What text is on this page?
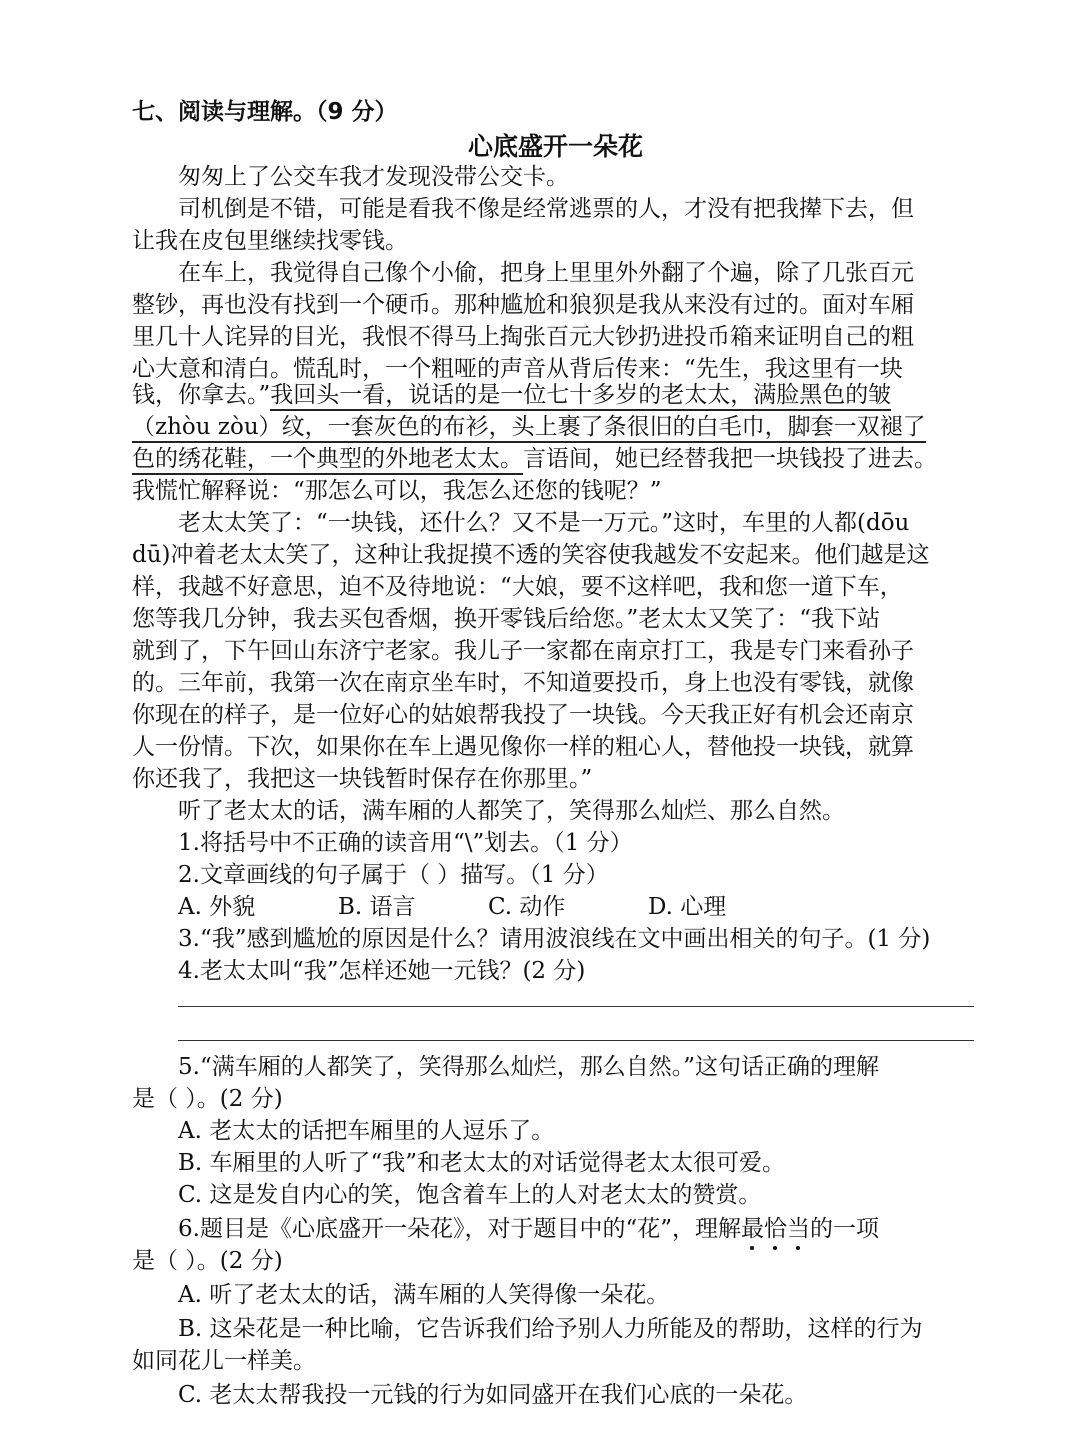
七、阅读与理解。（9 分）
心底盛开一朵花
匆匆上了公交车我才发现没带公交卡。
司机倒是不错，可能是看我不像是经常逃票的人，才没有把我撵下去，但
让我在皮包里继续找零钱。
在车上，我觉得自己像个小偷，把身上里里外外翻了个遍，除了几张百元
整钞，再也没有找到一个硬币。那种尴尬和狼狈是我从来没有过的。面对车厢
里几十人诧异的目光，我恨不得马上掏张百元大钞扔进投币箱来证明自己的粗
心大意和清白。慌乱时，一个粗哑的声音从背后传来：“先生，我这里有一块
钱，你拿去。”我回头一看，说话的是一位七十多岁的老太太，满脸黑色的皱
（zhòu zòu）纹，一套灰色的布衫，头上裹了条很旧的白毛巾，脚套一双褪了
色的绣花鞋，一个典型的外地老太太。言语间，她已经替我把一块钱投了进去。
我慌忙解释说：“那怎么可以，我怎么还您的钱呢？”
老太太笑了：“一块钱，还什么？又不是一万元。”这时，车里的人都(dōu
dū)冲着老太太笑了，这种让我捉摸不透的笑容使我越发不安起来。他们越是这
样，我越不好意思，迫不及待地说：“大娘，要不这样吧，我和您一道下车，
您等我几分钟，我去买包香烟，换开零钱后给您。”老太太又笑了：“我下站
就到了，下午回山东济宁老家。我儿子一家都在南京打工，我是专门来看孙子
的。三年前，我第一次在南京坐车时，不知道要投币，身上也没有零钱，就像
你现在的样子，是一位好心的姑娘帮我投了一块钱。今天我正好有机会还南京
人一份情。下次，如果你在车上遇见像你一样的粗心人，替他投一块钱，就算
你还我了，我把这一块钱暂时保存在你那里。”
听了老太太的话，满车厢的人都笑了，笑得那么灿烂、那么自然。
1.将括号中不正确的读音用“\”划去。（1 分）
2.文章画线的句子属于（ ）描写。（1 分）
A. 外貌	B. 语言	C. 动作	D. 心理
3.“我”感到尴尬的原因是什么？请用波浪线在文中画出相关的句子。(1 分)
4.老太太叫“我”怎样还她一元钱？(2 分)
5.“满车厢的人都笑了，笑得那么灿烂，那么自然。”这句话正确的理解
是（ ）。(2 分)
A. 老太太的话把车厢里的人逗乐了。
B. 车厢里的人听了“我”和老太太的对话觉得老太太很可爱。
C. 这是发自内心的笑，饱含着车上的人对老太太的赞赏。
6.题目是《心底盛开一朵花》，对于题目中的“花”，理解最恰当的一项
是（ ）。(2 分)
A. 听了老太太的话，满车厢的人笑得像一朵花。
B. 这朵花是一种比喻，它告诉我们给予别人力所能及的帮助，这样的行为
如同花儿一样美。
C. 老太太帮我投一元钱的行为如同盛开在我们心底的一朵花。
